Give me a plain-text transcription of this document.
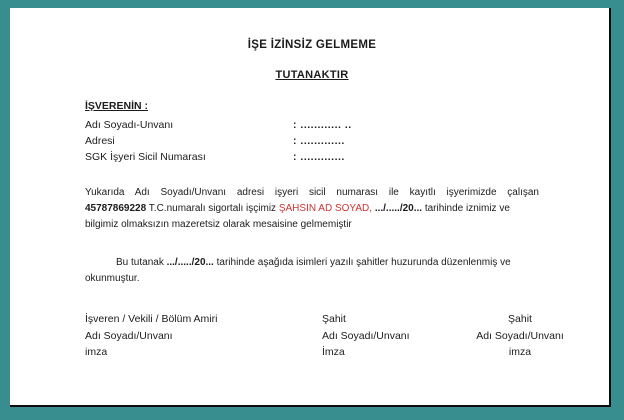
İŞE İZİNSİZ GELMEME
TUTANAKTIR
İŞVERENİN :
Adı Soyadı-Unvanı	: ............ ..
Adresi	: .............
SGK İşyeri Sicil Numarası	: .............
Yukarıda Adı Soyadı/Unvanı adresi işyeri sicil numarası ile kayıtlı işyerimizde çalışan
45787869228 T.C.numaralı sigortalı işçimiz ŞAHSIN AD SOYAD, .../...../20... tarihinde iznimiz ve
bilgimiz olmaksızın mazeretsiz olarak mesaisine gelmemiştir
Bu tutanak .../...../20... tarihinde aşağıda isimleri yazılı şahitler huzurunda düzenlenmiş ve
okunmuştur.
İşveren / Vekili / Bölüm Amiri
Adı Soyadı/Unvanı
imza
Şahit
Adı Soyadı/Unvanı
İmza
Şahit
Adı Soyadı/Unvanı
imza
